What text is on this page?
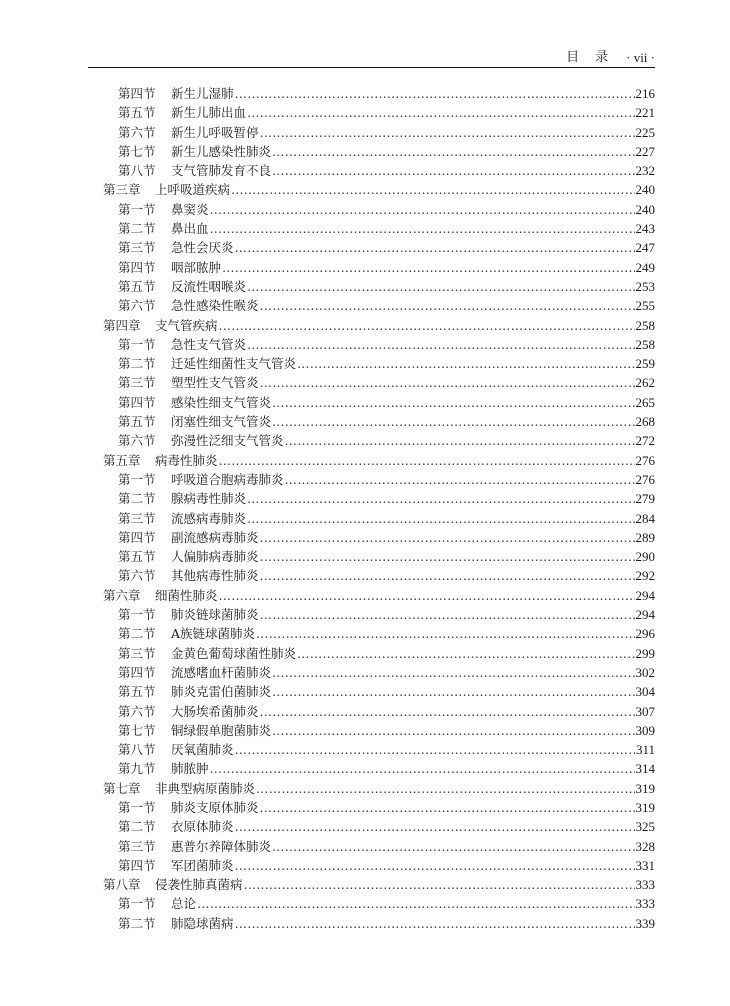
目录 · vii ·
第四节	新生儿湿肺 ………………………………………………………………………………………………………………………………………………………………………………………………………………	216
第五节	新生儿肺出血 ………………………………………………………………………………………………………………………………………………………………………………………………………………	221
第六节	新生儿呼吸暂停 ………………………………………………………………………………………………………………………………………………………………………………………………………………	225
第七节	新生儿感染性肺炎 ………………………………………………………………………………………………………………………………………………………………………………………………………………	227
第八节	支气管肺发育不良 ………………………………………………………………………………………………………………………………………………………………………………………………………………	232
第三章	上呼吸道疾病 ………………………………………………………………………………………………………………………………………………………………………………………………………………	240
第一节	鼻窦炎 ………………………………………………………………………………………………………………………………………………………………………………………………………………	240
第二节	鼻出血 ………………………………………………………………………………………………………………………………………………………………………………………………………………	243
第三节	急性会厌炎 ………………………………………………………………………………………………………………………………………………………………………………………………………………	247
第四节	咽部脓肿 ………………………………………………………………………………………………………………………………………………………………………………………………………………	249
第五节	反流性咽喉炎 ………………………………………………………………………………………………………………………………………………………………………………………………………………	253
第六节	急性感染性喉炎 ………………………………………………………………………………………………………………………………………………………………………………………………………………	255
第四章	支气管疾病 ………………………………………………………………………………………………………………………………………………………………………………………………………………	258
第一节	急性支气管炎 ………………………………………………………………………………………………………………………………………………………………………………………………………………	258
第二节	迁延性细菌性支气管炎 ………………………………………………………………………………………………………………………………………………………………………………………………………………	259
第三节	塑型性支气管炎 ………………………………………………………………………………………………………………………………………………………………………………………………………………	262
第四节	感染性细支气管炎 ………………………………………………………………………………………………………………………………………………………………………………………………………………	265
第五节	闭塞性细支气管炎 ………………………………………………………………………………………………………………………………………………………………………………………………………………	268
第六节	弥漫性泛细支气管炎 ………………………………………………………………………………………………………………………………………………………………………………………………………………	272
第五章	病毒性肺炎 ………………………………………………………………………………………………………………………………………………………………………………………………………………	276
第一节	呼吸道合胞病毒肺炎 ………………………………………………………………………………………………………………………………………………………………………………………………………………	276
第二节	腺病毒性肺炎 ………………………………………………………………………………………………………………………………………………………………………………………………………………	279
第三节	流感病毒肺炎 ………………………………………………………………………………………………………………………………………………………………………………………………………………	284
第四节	副流感病毒肺炎 ………………………………………………………………………………………………………………………………………………………………………………………………………………	289
第五节	人偏肺病毒肺炎 ………………………………………………………………………………………………………………………………………………………………………………………………………………	290
第六节	其他病毒性肺炎 ………………………………………………………………………………………………………………………………………………………………………………………………………………	292
第六章	细菌性肺炎 ………………………………………………………………………………………………………………………………………………………………………………………………………………	294
第一节	肺炎链球菌肺炎 ………………………………………………………………………………………………………………………………………………………………………………………………………………	294
第二节	A族链球菌肺炎 ………………………………………………………………………………………………………………………………………………………………………………………………………………	296
第三节	金黄色葡萄球菌性肺炎 ………………………………………………………………………………………………………………………………………………………………………………………………………………	299
第四节	流感嗜血杆菌肺炎 ………………………………………………………………………………………………………………………………………………………………………………………………………………	302
第五节	肺炎克雷伯菌肺炎 ………………………………………………………………………………………………………………………………………………………………………………………………………………	304
第六节	大肠埃希菌肺炎 ………………………………………………………………………………………………………………………………………………………………………………………………………………	307
第七节	铜绿假单胞菌肺炎 ………………………………………………………………………………………………………………………………………………………………………………………………………………	309
第八节	厌氧菌肺炎 ………………………………………………………………………………………………………………………………………………………………………………………………………………	311
第九节	肺脓肿 ………………………………………………………………………………………………………………………………………………………………………………………………………………	314
第七章	非典型病原菌肺炎 ………………………………………………………………………………………………………………………………………………………………………………………………………………	319
第一节	肺炎支原体肺炎 ………………………………………………………………………………………………………………………………………………………………………………………………………………	319
第二节	衣原体肺炎 ………………………………………………………………………………………………………………………………………………………………………………………………………………	325
第三节	惠普尔养障体肺炎 ………………………………………………………………………………………………………………………………………………………………………………………………………………	328
第四节	军团菌肺炎 ………………………………………………………………………………………………………………………………………………………………………………………………………………	331
第八章	侵袭性肺真菌病 ………………………………………………………………………………………………………………………………………………………………………………………………………………	333
第一节	总论 ………………………………………………………………………………………………………………………………………………………………………………………………………………	333
第二节	肺隐球菌病 ………………………………………………………………………………………………………………………………………………………………………………………………………………	339
